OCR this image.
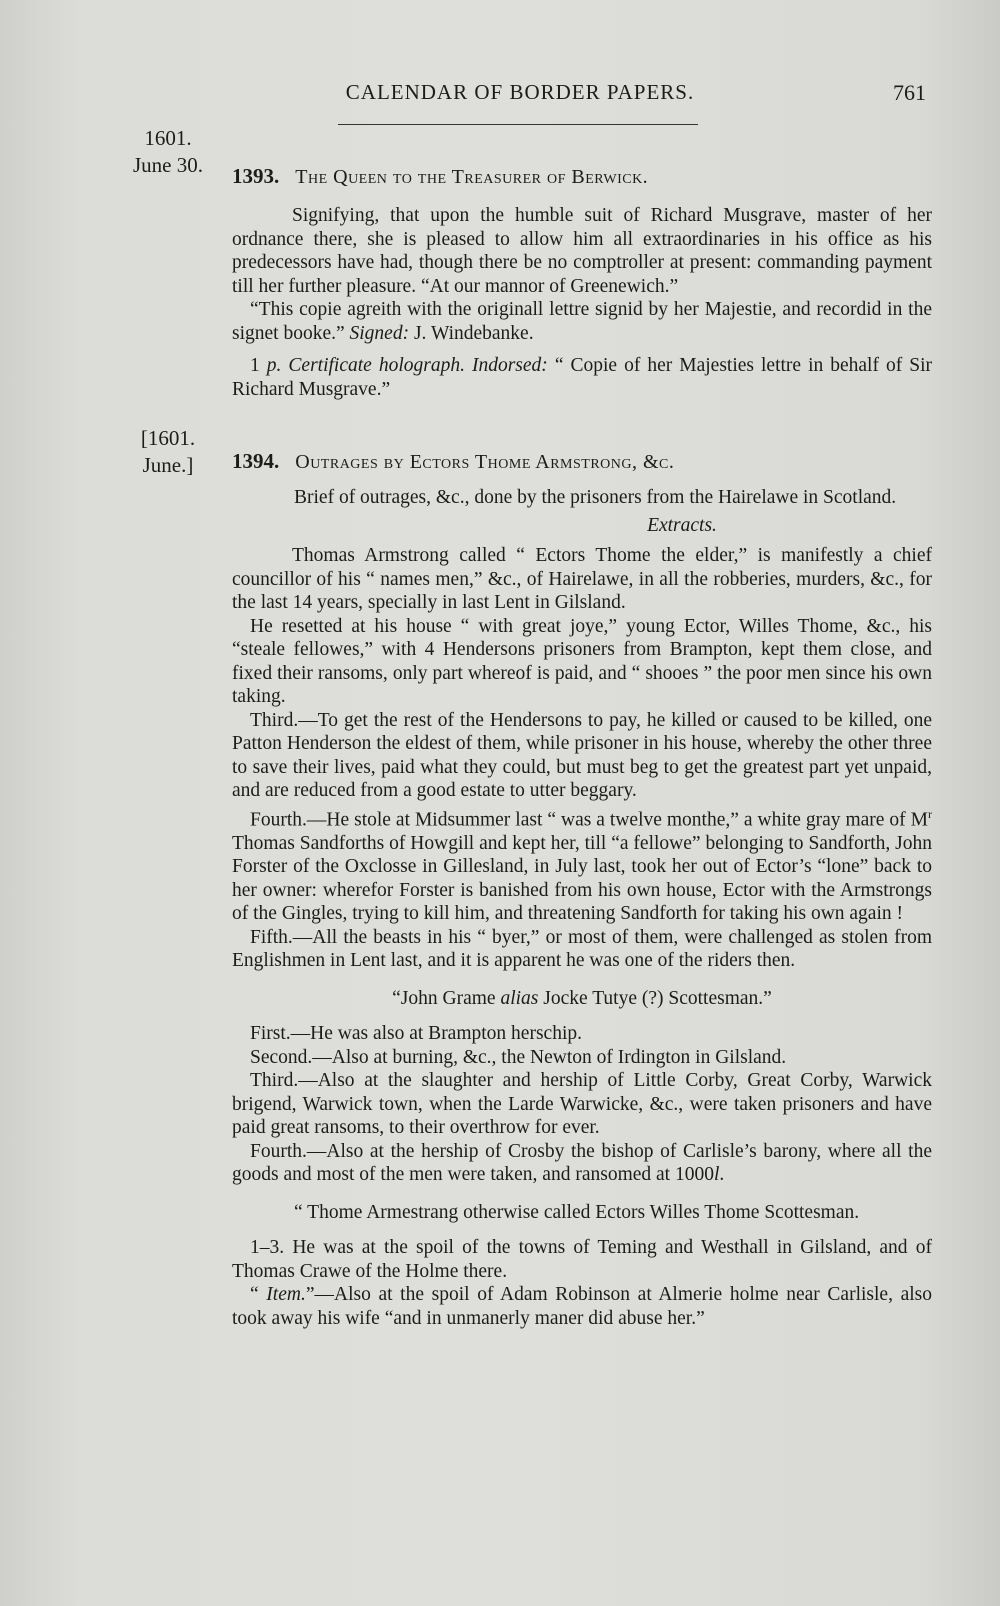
CALENDAR OF BORDER PAPERS.	761
1601.
June 30.	1393. The Queen to the Treasurer of Berwick.

Signifying, that upon the humble suit of Richard Musgrave, master of her ordnance there, she is pleased to allow him all extraordinaries in his office as his predecessors have had, though there be no comptroller at present: commanding payment till her further pleasure. “At our mannor of Greenewich.”

“This copie agreith with the originall lettre signid by her Majestie, and recordid in the signet booke.” Signed: J. Windebanke.

1 p. Certificate holograph. Indorsed: “ Copie of her Majesties lettre in behalf of Sir Richard Musgrave.”

[1601.
June.]	1394. Outrages by Ectors Thome Armstrong, &c.

Brief of outrages, &c., done by the prisoners from the Hairelawe in Scotland.

Extracts.

Thomas Armstrong called “ Ectors Thome the elder,” is manifestly a chief councillor of his “ names men,” &c., of Hairelawe, in all the robberies, murders, &c., for the last 14 years, specially in last Lent in Gilsland.

He resetted at his house “ with great joye,” young Ector, Willes Thome, &c., his “steale fellowes,” with 4 Hendersons prisoners from Brampton, kept them close, and fixed their ransoms, only part whereof is paid, and “ shooes ” the poor men since his own taking.

Third.—To get the rest of the Hendersons to pay, he killed or caused to be killed, one Patton Henderson the eldest of them, while prisoner in his house, whereby the other three to save their lives, paid what they could, but must beg to get the greatest part yet unpaid, and are reduced from a good estate to utter beggary.

Fourth.—He stole at Midsummer last “ was a twelve monthe,” a white gray mare of $M^r$ Thomas Sandforths of Howgill and kept her, till “a fellowe” belonging to Sandforth, John Forster of the Oxclosse in Gillesland, in July last, took her out of Ector’s “lone” back to her owner: wherefor Forster is banished from his own house, Ector with the Armstrongs of the Gingles, trying to kill him, and threatening Sandforth for taking his own again !

Fifth.—All the beasts in his “ byer,” or most of them, were challenged as stolen from Englishmen in Lent last, and it is apparent he was one of the riders then.

“John Grame alias Jocke Tutye (?) Scottesman.”

First.—He was also at Brampton herschip.

Second.—Also at burning, &c., the Newton of Irdington in Gilsland.

Third.—Also at the slaughter and hership of Little Corby, Great Corby, Warwick brigend, Warwick town, when the Larde Warwicke, &c., were taken prisoners and have paid great ransoms, to their overthrow for ever.

Fourth.—Also at the hership of Crosby the bishop of Carlisle’s barony, where all the goods and most of the men were taken, and ransomed at 1000l.

“ Thome Armestrang otherwise called Ectors Willes Thome Scottesman.

1–3. He was at the spoil of the towns of Teming and Westhall in Gilsland, and of Thomas Crawe of the Holme there.

“ Item.”—Also at the spoil of Adam Robinson at Almerie holme near Carlisle, also took away his wife “and in unmanerly maner did abuse her.”
